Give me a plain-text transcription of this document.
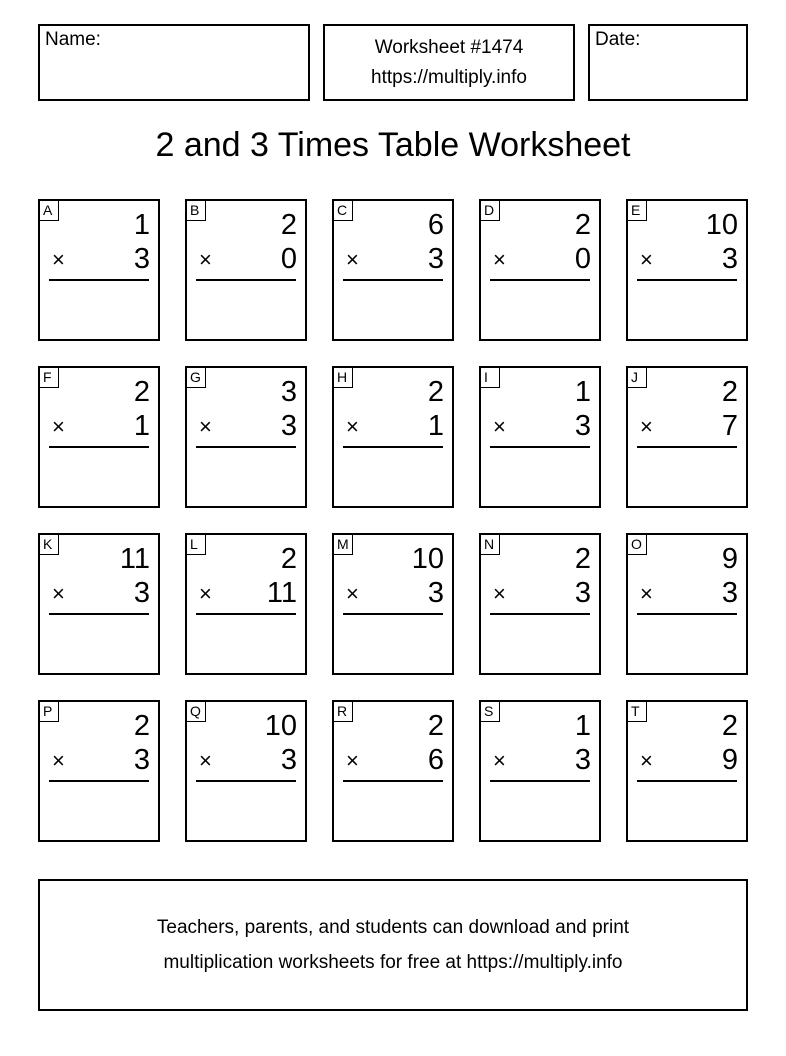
Name:	Worksheet #1474
https://multiply.info
Date:
2 and 3 Times Table Worksheet
A	1
× 3
B	2
× 0
C	6
× 3
D	2
× 0
E 10
× 3
F	2
× 1
G	3
× 3
H	2
× 1
I	1
× 3
J	2
× 7
K 11
× 3
L	2
× 11
M 10
× 3
N	2
× 3
O	9
× 3
P	2
× 3
Q 10
× 3
R	2
× 6
S	1
× 3
T	2
× 9
Teachers, parents, and students can download and print
multiplication worksheets for free at https://multiply.info
